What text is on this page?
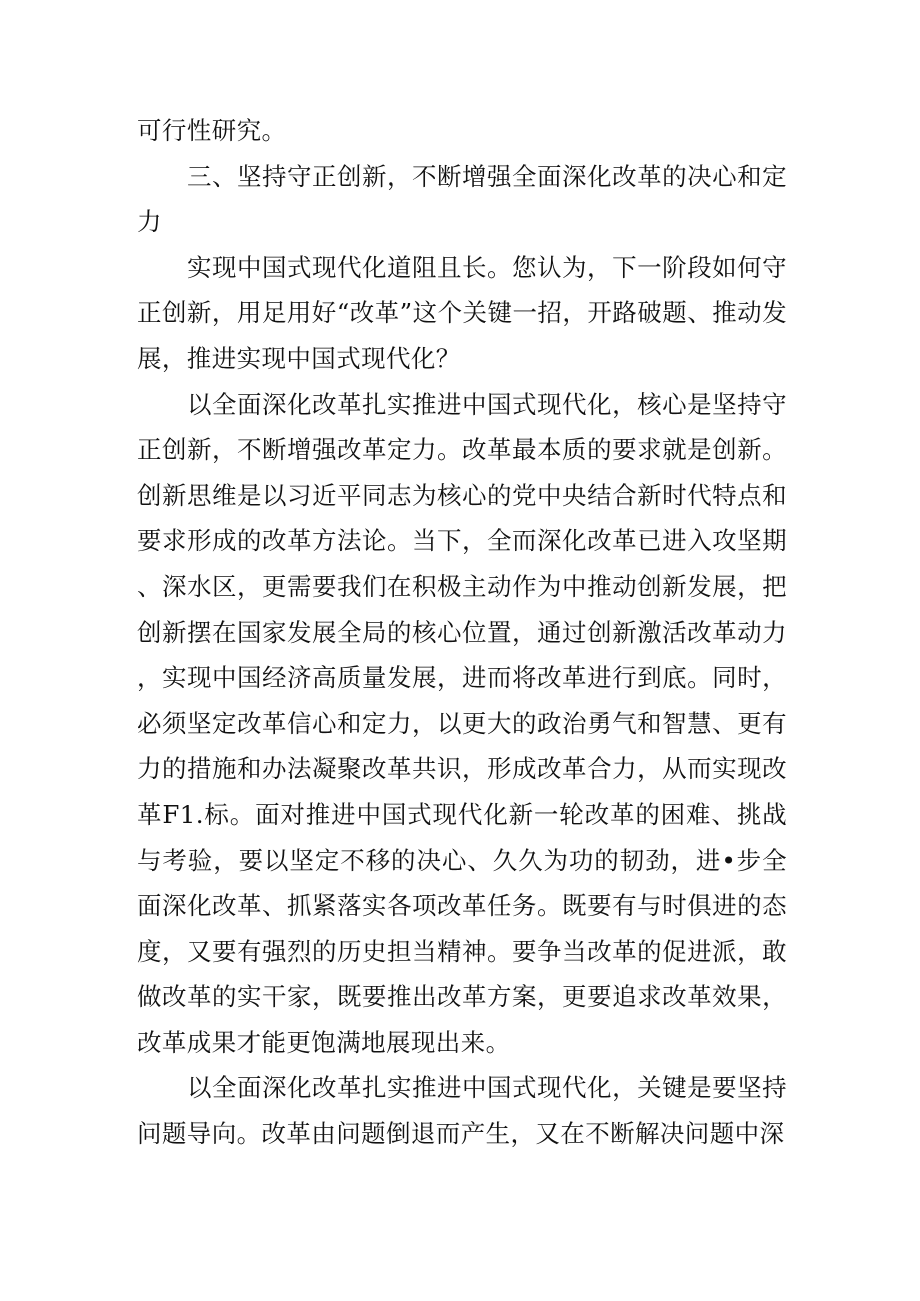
可行性研究。

三、坚持守正创新，不断增强全面深化改革的决心和定力

实现中国式现代化道阻且长。您认为，下一阶段如何守正创新，用足用好“改革”这个关键一招，开路破题、推动发展，推进实现中国式现代化？

以全面深化改革扎实推进中国式现代化，核心是坚持守正创新，不断增强改革定力。改革最本质的要求就是创新。创新思维是以习近平同志为核心的党中央结合新时代特点和要求形成的改革方法论。当下，全而深化改革已进入攻坚期、深水区，更需要我们在积极主动作为中推动创新发展，把创新摆在国家发展全局的核心位置，通过创新激活改革动力，实现中国经济高质量发展，进而将改革进行到底。同时，必须坚定改革信心和定力，以更大的政治勇气和智慧、更有力的措施和办法凝聚改革共识，形成改革合力，从而实现改革F1.标。面对推进中国式现代化新一轮改革的困难、挑战与考验，要以坚定不移的决心、久久为功的韧劲，进•步全面深化改革、抓紧落实各项改革任务。既要有与时俱进的态度，又要有强烈的历史担当精神。要争当改革的促进派，敢做改革的实干家，既要推出改革方案，更要追求改革效果，改革成果才能更饱满地展现出来。

以全面深化改革扎实推进中国式现代化，关键是要坚持问题导向。改革由问题倒退而产生，又在不断解决问题中深
